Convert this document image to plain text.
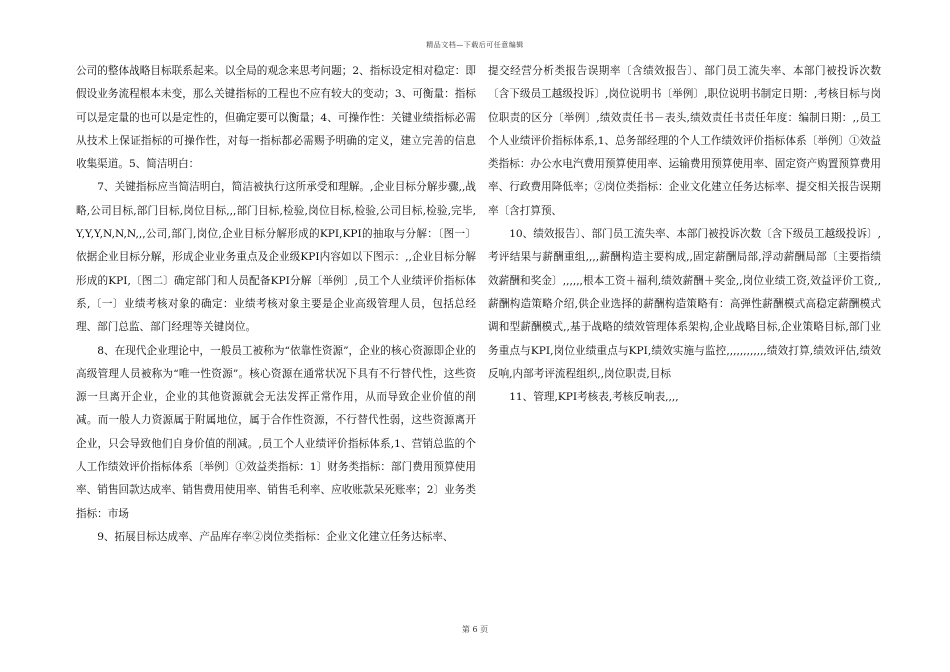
精品文档—下载后可任意编辑

公司的整体战略目标联系起来。以全局的观念来思考问题；2、指标设定相对稳定：即假设业务流程根本未变，那么关键指标的工程也不应有较大的变动；3、可衡量：指标可以是定量的也可以是定性的，但确定要可以衡量；4、可操作性：关键业绩指标必需从技术上保证指标的可操作性，对每一指标都必需赐予明确的定义，建立完善的信息收集渠道。5、简洁明白：

7、关键指标应当简洁明白，简洁被执行这所承受和理解。,企业目标分解步骤,,战略,公司目标,部门目标,岗位目标,,,部门目标,检验,岗位目标,检验,公司目标,检验,完毕,Y,Y,Y,N,N,N,,,公司,部门,岗位,企业目标分解形成的KPI,KPI的抽取与分解：〔图一〕依据企业目标分解，形成企业业务重点及企业级KPI内容如以下图示：,,企业目标分解形成的KPI,〔图二〕确定部门和人员配备KPI分解〔举例〕,员工个人业绩评价指标体系,〔一〕业绩考核对象的确定：业绩考核对象主要是企业高级管理人员，包括总经理、部门总监、部门经理等关键岗位。

8、在现代企业理论中，一般员工被称为“依靠性资源”，企业的核心资源即企业的高级管理人员被称为“唯一性资源”。核心资源在通常状况下具有不行替代性，这些资源一旦离开企业，企业的其他资源就会无法发挥正常作用，从而导致企业价值的削减。而一般人力资源属于附属地位，属于合作性资源，不行替代性弱，这些资源离开企业，只会导致他们自身价值的削减。,员工个人业绩评价指标体系,1、营销总监的个人工作绩效评价指标体系〔举例〕①效益类指标：1〕财务类指标：部门费用预算使用率、销售回款达成率、销售费用使用率、销售毛利率、应收账款呆死账率；2〕业务类指标：市场

9、拓展目标达成率、产品库存率②岗位类指标：企业文化建立任务达标率、

提交经营分析类报告误期率〔含绩效报告〕、部门员工流失率、本部门被投诉次数〔含下级员工越级投诉〕,岗位说明书〔举例〕,职位说明书制定日期：,考核目标与岗位职责的区分〔举例〕,绩效责任书－表头,绩效责任书责任年度：编制日期：,,员工个人业绩评价指标体系,1、总务部经理的个人工作绩效评价指标体系〔举例〕①效益类指标：办公水电汽费用预算使用率、运输费用预算使用率、固定资产购置预算费用率、行政费用降低率；②岗位类指标：企业文化建立任务达标率、提交相关报告误期率〔含打算预、

10、绩效报告〕、部门员工流失率、本部门被投诉次数〔含下级员工越级投诉〕,考评结果与薪酬重组,,,,薪酬构造主要构成,,固定薪酬局部,浮动薪酬局部〔主要指绩效薪酬和奖金〕,,,,,,根本工资＋福利,绩效薪酬＋奖金,,岗位业绩工资,效益评价工资,,薪酬构造策略介绍,供企业选择的薪酬构造策略有：高弹性薪酬模式高稳定薪酬模式调和型薪酬模式,,基于战略的绩效管理体系架构,企业战略目标,企业策略目标,部门业务重点与KPI,岗位业绩重点与KPI,绩效实施与监控,,,,,,,,,,,,绩效打算,绩效评估,绩效反响,内部考评流程组织,,岗位职责,目标

11、管理,KPI考核表,考核反响表,,,,

第 6 页
